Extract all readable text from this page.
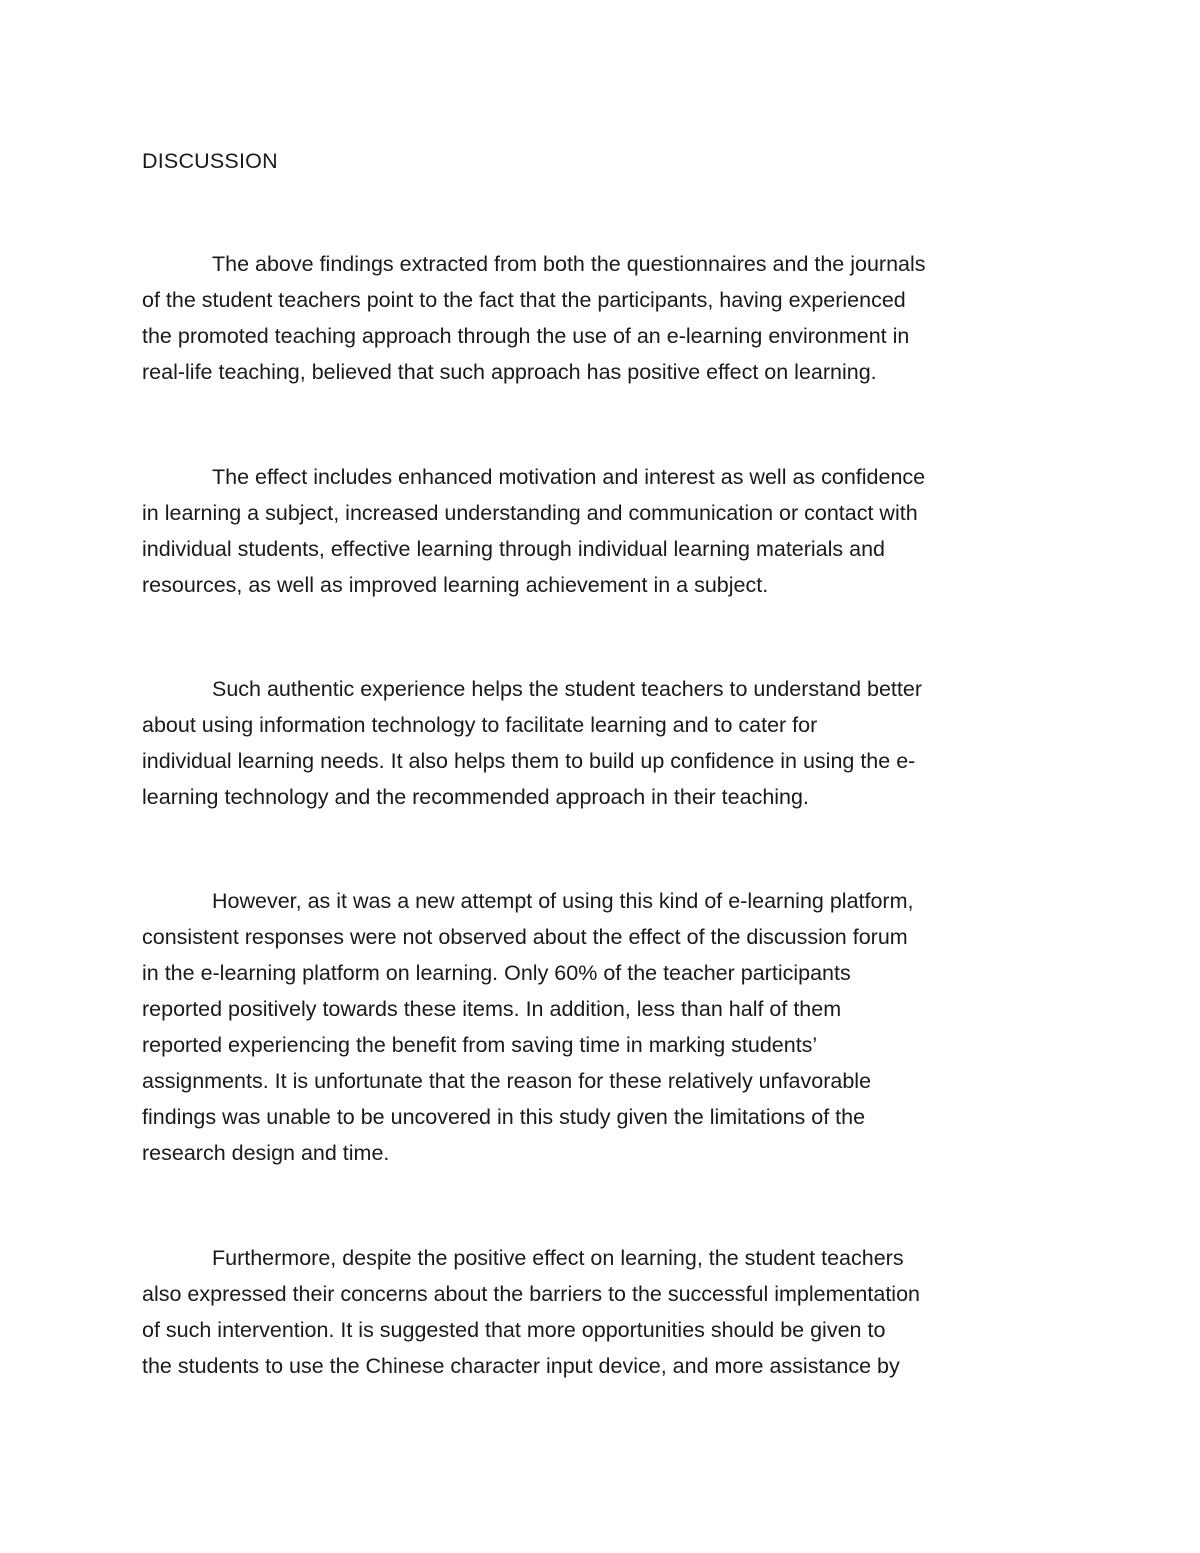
DISCUSSION
The above findings extracted from both the questionnaires and the journals
of the student teachers point to the fact that the participants, having experienced
the promoted teaching approach through the use of an e-learning environment in
real-life teaching, believed that such approach has positive effect on learning.
The effect includes enhanced motivation and interest as well as confidence
in learning a subject, increased understanding and communication or contact with
individual students, effective learning through individual learning materials and
resources, as well as improved learning achievement in a subject.
Such authentic experience helps the student teachers to understand better
about using information technology to facilitate learning and to cater for
individual learning needs. It also helps them to build up confidence in using the e-
learning technology and the recommended approach in their teaching.
However, as it was a new attempt of using this kind of e-learning platform,
consistent responses were not observed about the effect of the discussion forum
in the e-learning platform on learning. Only 60% of the teacher participants
reported positively towards these items. In addition, less than half of them
reported experiencing the benefit from saving time in marking students’
assignments. It is unfortunate that the reason for these relatively unfavorable
findings was unable to be uncovered in this study given the limitations of the
research design and time.
Furthermore, despite the positive effect on learning, the student teachers
also expressed their concerns about the barriers to the successful implementation
of such intervention. It is suggested that more opportunities should be given to
the students to use the Chinese character input device, and more assistance by
